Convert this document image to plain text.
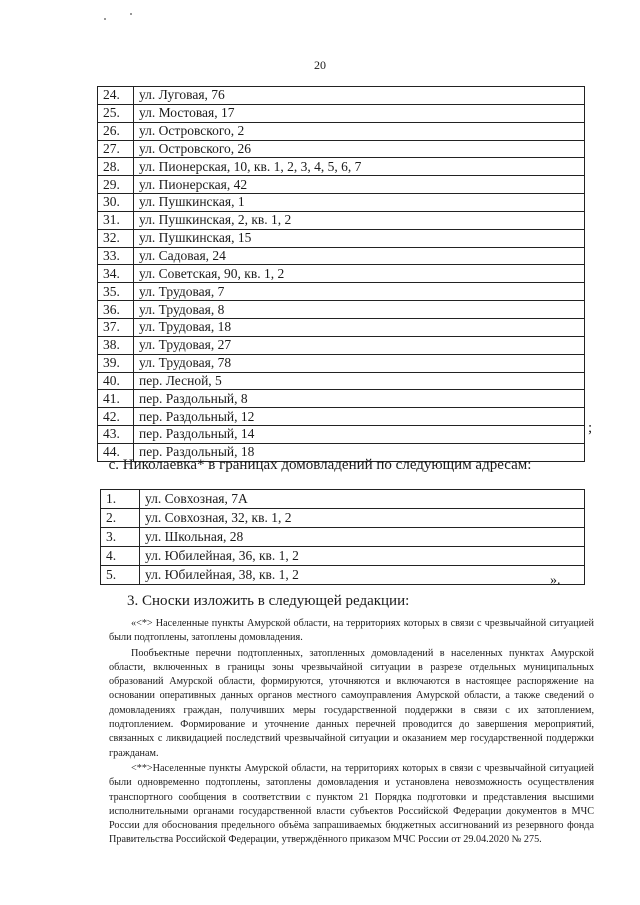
20
24.	ул. Луговая, 76
25.	ул. Мостовая, 17
26.	ул. Островского, 2
27.	ул. Островского, 26
28.	ул. Пионерская, 10, кв. 1, 2, 3, 4, 5, 6, 7
29.	ул. Пионерская, 42
30.	ул. Пушкинская, 1
31.	ул. Пушкинская, 2, кв. 1, 2
32.	ул. Пушкинская, 15
33.	ул. Садовая, 24
34.	ул. Советская, 90, кв. 1, 2
35.	ул. Трудовая, 7
36.	ул. Трудовая, 8
37.	ул. Трудовая, 18
38.	ул. Трудовая, 27
39.	ул. Трудовая, 78
40.	пер. Лесной, 5
41.	пер. Раздольный, 8
42.	пер. Раздольный, 12
43.	пер. Раздольный, 14
44.	пер. Раздольный, 18
;
с. Николаевка* в границах домовладений по следующим адресам:
1.	ул. Совхозная, 7А
2.	ул. Совхозная, 32, кв. 1, 2
3.	ул. Школьная, 28
4.	ул. Юбилейная, 36, кв. 1, 2
5.	ул. Юбилейная, 38, кв. 1, 2	».
3. Сноски изложить в следующей редакции:

«<*> Населенные пункты Амурской области, на территориях которых в связи с чрезвычайной ситуацией были подтоплены, затоплены домовладения.

Пообъектные перечни подтопленных, затопленных домовладений в населенных пунктах Амурской области, включенных в границы зоны чрезвычайной ситуации в разрезе отдельных муниципальных образований Амурской области, формируются, уточняются и включаются в настоящее распоряжение на основании оперативных данных органов местного самоуправления Амурской области, а также сведений о домовладениях граждан, получивших меры государственной поддержки в связи с их затоплением, подтоплением. Формирование и уточнение данных перечней проводится до завершения мероприятий, связанных с ликвидацией последствий чрезвычайной ситуации и оказанием мер государственной поддержки гражданам.

<**>Населенные пункты Амурской области, на территориях которых в связи с чрезвычайной ситуацией были одновременно подтоплены, затоплены домовладения и установлена невозможность осуществления транспортного сообщения в соответствии с пунктом 21 Порядка подготовки и представления высшими исполнительными органами государственной власти субъектов Российской Федерации документов в МЧС России для обоснования предельного объёма запрашиваемых бюджетных ассигнований из резервного фонда Правительства Российской Федерации, утверждённого приказом МЧС России от 29.04.2020 № 275.
